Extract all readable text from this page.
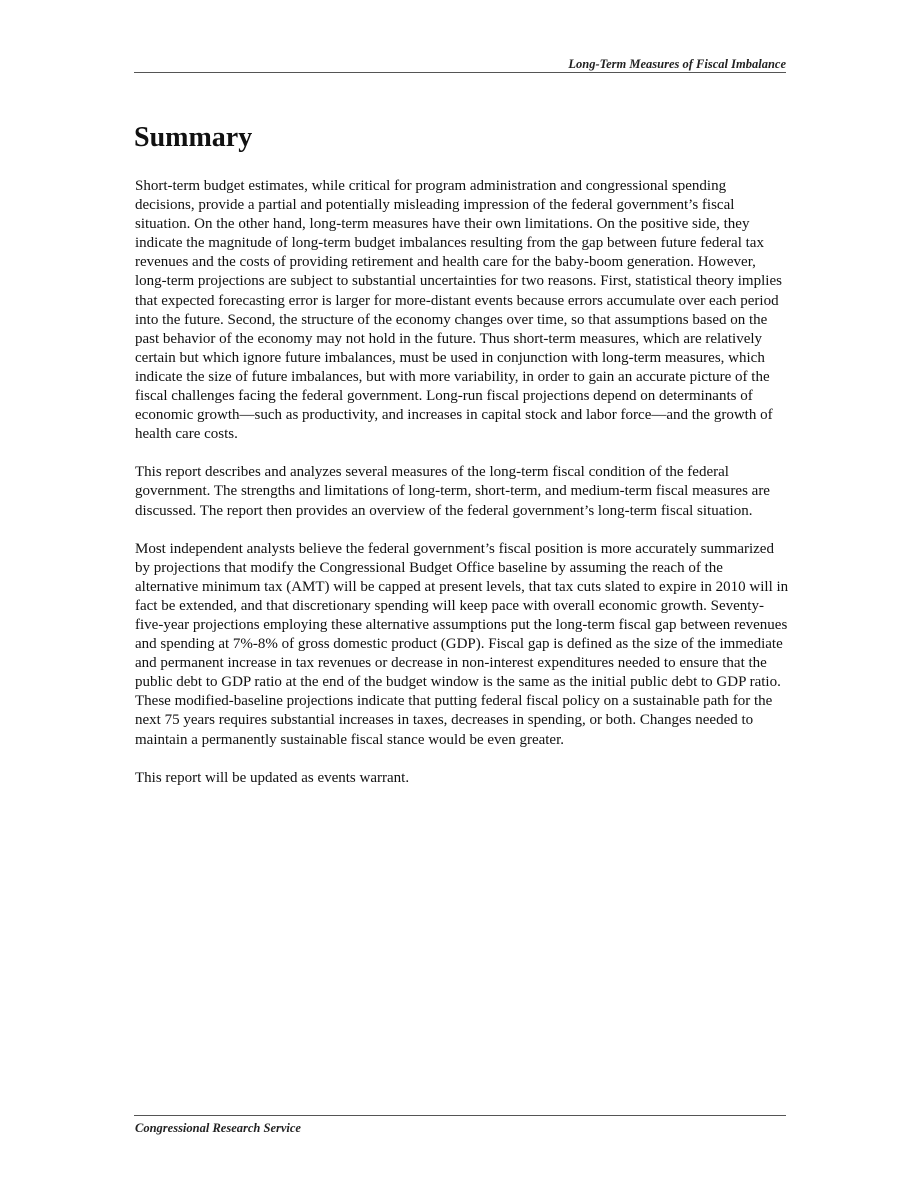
Long-Term Measures of Fiscal Imbalance
Summary

Short-term budget estimates, while critical for program administration and congressional spending decisions, provide a partial and potentially misleading impression of the federal government’s fiscal situation. On the other hand, long-term measures have their own limitations. On the positive side, they indicate the magnitude of long-term budget imbalances resulting from the gap between future federal tax revenues and the costs of providing retirement and health care for the baby-boom generation. However, long-term projections are subject to substantial uncertainties for two reasons. First, statistical theory implies that expected forecasting error is larger for more-distant events because errors accumulate over each period into the future. Second, the structure of the economy changes over time, so that assumptions based on the past behavior of the economy may not hold in the future. Thus short-term measures, which are relatively certain but which ignore future imbalances, must be used in conjunction with long-term measures, which indicate the size of future imbalances, but with more variability, in order to gain an accurate picture of the fiscal challenges facing the federal government. Long-run fiscal projections depend on determinants of economic growth—such as productivity, and increases in capital stock and labor force—and the growth of health care costs.

This report describes and analyzes several measures of the long-term fiscal condition of the federal government. The strengths and limitations of long-term, short-term, and medium-term fiscal measures are discussed. The report then provides an overview of the federal government’s long-term fiscal situation.

Most independent analysts believe the federal government’s fiscal position is more accurately summarized by projections that modify the Congressional Budget Office baseline by assuming the reach of the alternative minimum tax (AMT) will be capped at present levels, that tax cuts slated to expire in 2010 will in fact be extended, and that discretionary spending will keep pace with overall economic growth. Seventy-five-year projections employing these alternative assumptions put the long-term fiscal gap between revenues and spending at 7%-8% of gross domestic product (GDP). Fiscal gap is defined as the size of the immediate and permanent increase in tax revenues or decrease in non-interest expenditures needed to ensure that the public debt to GDP ratio at the end of the budget window is the same as the initial public debt to GDP ratio. These modified-baseline projections indicate that putting federal fiscal policy on a sustainable path for the next 75 years requires substantial increases in taxes, decreases in spending, or both. Changes needed to maintain a permanently sustainable fiscal stance would be even greater.

This report will be updated as events warrant.

Congressional Research Service
